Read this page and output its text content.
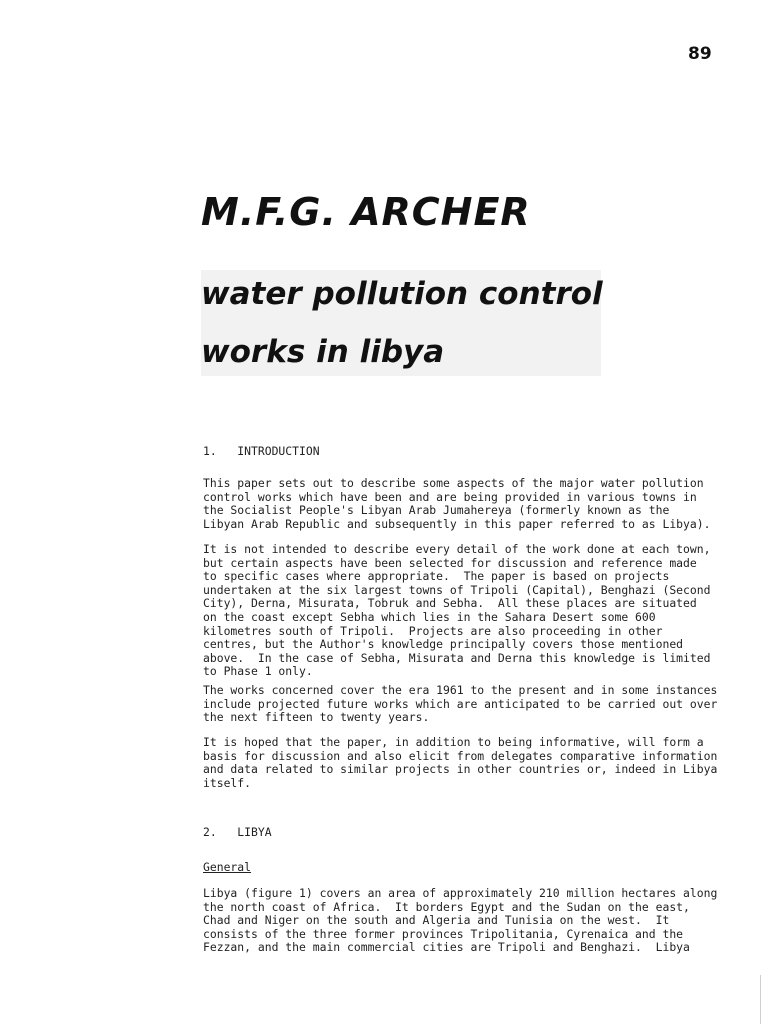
89
M.F.G. ARCHER
water pollution control
works in libya
1.   INTRODUCTION
This paper sets out to describe some aspects of the major water pollution
control works which have been and are being provided in various towns in
the Socialist People's Libyan Arab Jumahereya (formerly known as the
Libyan Arab Republic and subsequently in this paper referred to as Libya).
It is not intended to describe every detail of the work done at each town,
but certain aspects have been selected for discussion and reference made
to specific cases where appropriate.  The paper is based on projects
undertaken at the six largest towns of Tripoli (Capital), Benghazi (Second
City), Derna, Misurata, Tobruk and Sebha.  All these places are situated
on the coast except Sebha which lies in the Sahara Desert some 600
kilometres south of Tripoli.  Projects are also proceeding in other
centres, but the Author's knowledge principally covers those mentioned
above.  In the case of Sebha, Misurata and Derna this knowledge is limited
to Phase 1 only.
The works concerned cover the era 1961 to the present and in some instances
include projected future works which are anticipated to be carried out over
the next fifteen to twenty years.
It is hoped that the paper, in addition to being informative, will form a
basis for discussion and also elicit from delegates comparative information
and data related to similar projects in other countries or, indeed in Libya
itself.
2.   LIBYA
General
Libya (figure 1) covers an area of approximately 210 million hectares along
the north coast of Africa.  It borders Egypt and the Sudan on the east,
Chad and Niger on the south and Algeria and Tunisia on the west.  It
consists of the three former provinces Tripolitania, Cyrenaica and the
Fezzan, and the main commercial cities are Tripoli and Benghazi.  Libya
